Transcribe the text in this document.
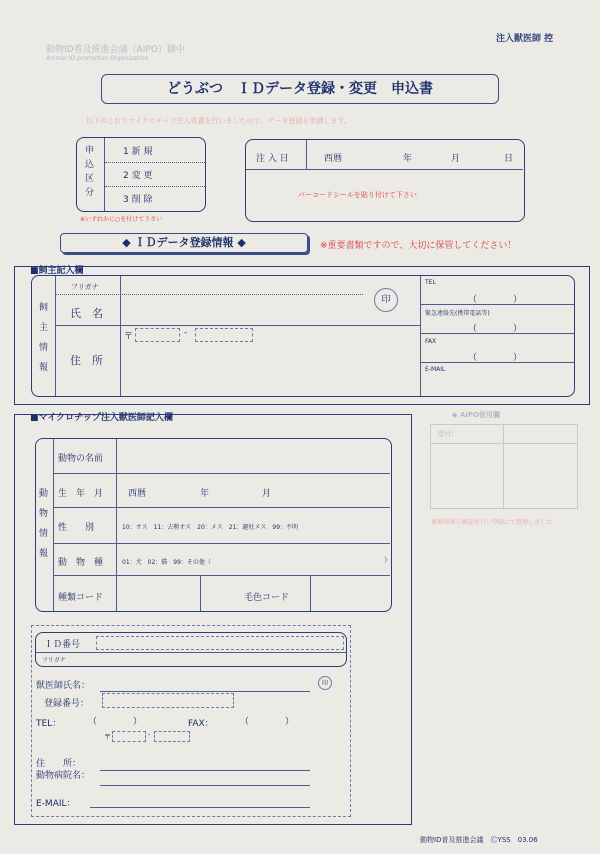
動物ID普及推進会議（AIPO）御中
Animal ID promotion Organization
注入獣医師 控
どうぶつ　ＩＤデータ登録・変更　申込書
以下のとおりマイクロチップ注入処置を行いましたので、データ登録を申請します。
申込区分
1 新 規
2 変 更
3 削 除
※いずれかに○を付けて下さい
注 入 日	西暦	年	月	日
バーコードシールを貼り付けて下さい
◆ ＩＤデータ登録情報 ◆	※重要書類ですので、大切に保管してください！
■飼主記入欄
飼主情報
フリガナ
氏　名
印
住　所
〒	-
TEL
（　　　　）
緊急連絡先(携帯電話等)
（　　　　）
FAX
（　　　　）
E-MAIL
■マイクロチップ注入獣医師記入欄
動物情報
動物の名前
生　年　月	西暦	年	月
性　　別	10：オス　11：去勢オス　20：メス　21：避妊メス　99：不明
動　物　種	01：犬　02：猫　99：その他（	）
種類コード	毛色コード
ＩＤ番号
フリガナ
獣医師氏名：	印
登録番号：
TEL：	（　　　　）	FAX：	（　　　　）
〒	-
住　　所：
動物病院名：
E-MAIL：
◆ AIPO使用欄
受付！
解析結果に確認を行い登録にて処理しました
動物ID普及推進会議　ⒸYSS　03.06
